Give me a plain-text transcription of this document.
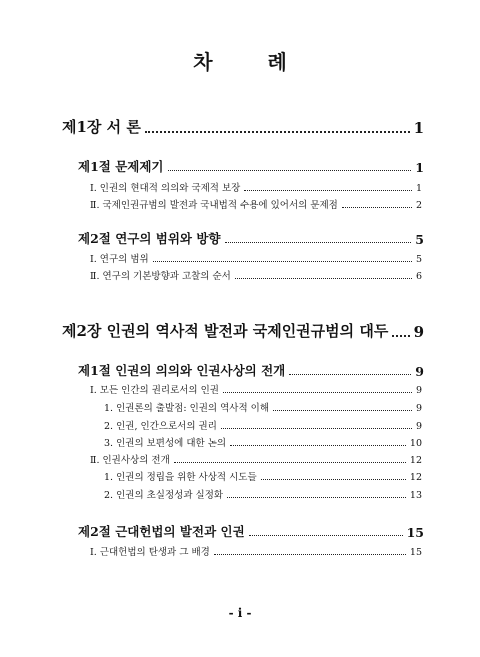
차 례
제1장 서 론	1
제1절 문제제기	1
Ⅰ. 인권의 현대적 의의와 국제적 보장	1
Ⅱ. 국제인권규범의 발전과 국내법적 수용에 있어서의 문제점	2
제2절 연구의 범위와 방향	5
Ⅰ. 연구의 범위	5
Ⅱ. 연구의 기본방향과 고찰의 순서	6
제2장 인권의 역사적 발전과 국제인권규범의 대두 9
제1절 인권의 의의와 인권사상의 전개	9
Ⅰ. 모든 인간의 권리로서의 인권	9
1. 인권론의 출발점: 인권의 역사적 이해	9
2. 인권, 인간으로서의 권리	9
3. 인권의 보편성에 대한 논의	10
Ⅱ. 인권사상의 전개	12
1. 인권의 정립을 위한 사상적 시도들	12
2. 인권의 초실정성과 실정화	13
제2절 근대헌법의 발전과 인권	15
Ⅰ. 근대헌법의 탄생과 그 배경	15
- i -
